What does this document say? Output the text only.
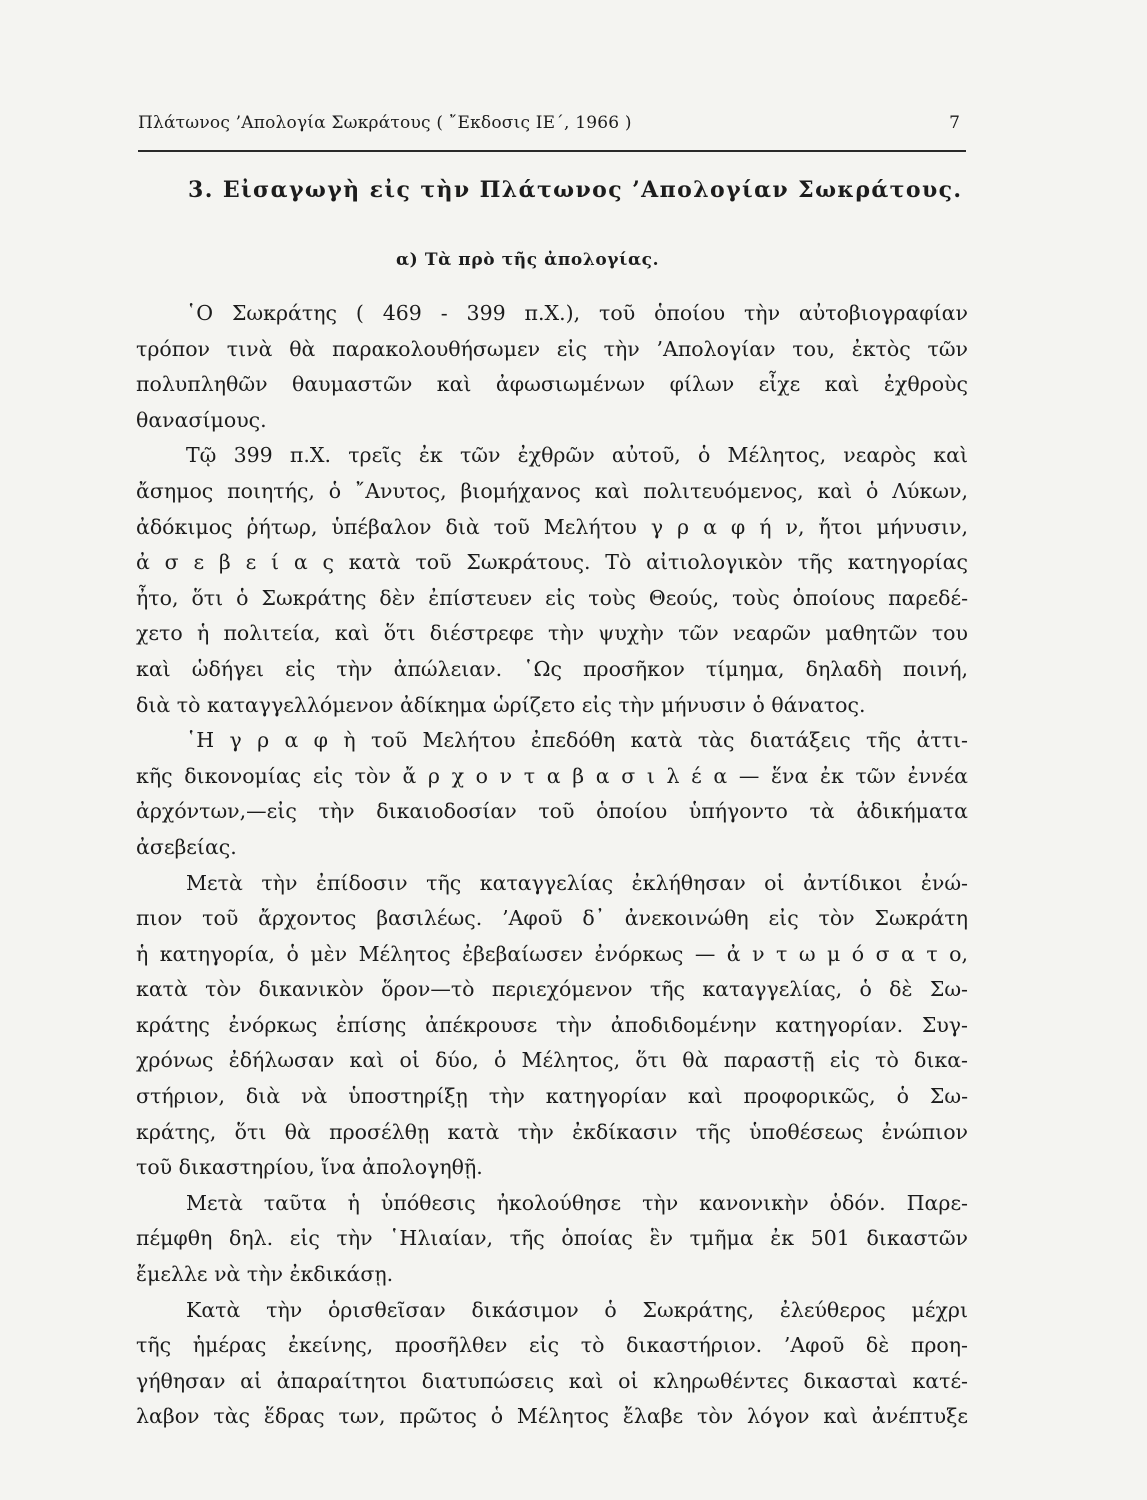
Πλάτωνος ’Απολογία Σωκράτους ( ῎Εκδοσις ΙΕ΄, 1966 )	7
3. Εἰσαγωγὴ εἰς τὴν Πλάτωνος ’Απολογίαν Σωκράτους.
α) Τὰ πρὸ τῆς ἀπολογίας.
῾Ο Σωκράτης ( 469 - 399 π.Χ.), τοῦ ὁποίου τὴν αὐτοβιογραφίαν
τρόπον τινὰ θὰ παρακολουθήσωμεν εἰς τὴν ’Απολογίαν του, ἐκτὸς τῶν
πολυπληθῶν θαυμαστῶν καὶ ἀφωσιωμένων φίλων εἶχε καὶ ἐχθροὺς
θανασίμους.
Τῷ 399 π.Χ. τρεῖς ἐκ τῶν ἐχθρῶν αὐτοῦ, ὁ Μέλητος, νεαρὸς καὶ
ἄσημος ποιητής, ὁ ῎Ανυτος, βιομήχανος καὶ πολιτευόμενος, καὶ ὁ Λύκων,
ἀδόκιμος ῥήτωρ, ὑπέβαλον διὰ τοῦ Μελήτου γ ρ α φ ή ν, ἤτοι μήνυσιν,
ἀ σ ε β ε ί α ς κατὰ τοῦ Σωκράτους. Τὸ αἰτιολογικὸν τῆς κατηγορίας
ἦτο, ὅτι ὁ Σωκράτης δὲν ἐπίστευεν εἰς τοὺς Θεούς, τοὺς ὁποίους παρεδέ-
χετο ἡ πολιτεία, καὶ ὅτι διέστρεφε τὴν ψυχὴν τῶν νεαρῶν μαθητῶν του
καὶ ὡδήγει εἰς τὴν ἀπώλειαν. ῾Ως προσῆκον τίμημα, δηλαδὴ ποινή,
διὰ τὸ καταγγελλόμενον ἀδίκημα ὡρίζετο εἰς τὴν μήνυσιν ὁ θάνατος.
῾Η γ ρ α φ ὴ τοῦ Μελήτου ἐπεδόθη κατὰ τὰς διατάξεις τῆς ἀττι-
κῆς δικονομίας εἰς τὸν ἄ ρ χ ο ν τ α β α σ ι λ έ α — ἕνα ἐκ τῶν ἐννέα
ἀρχόντων,—εἰς τὴν δικαιοδοσίαν τοῦ ὁποίου ὑπήγοντο τὰ ἀδικήματα
ἀσεβείας.
Μετὰ τὴν ἐπίδοσιν τῆς καταγγελίας ἐκλήθησαν οἱ ἀντίδικοι ἐνώ-
πιον τοῦ ἄρχοντος βασιλέως. ’Αφοῦ δ᾽ ἀνεκοινώθη εἰς τὸν Σωκράτη
ἡ κατηγορία, ὁ μὲν Μέλητος ἐβεβαίωσεν ἐνόρκως — ἀ ν τ ω μ ό σ α τ ο,
κατὰ τὸν δικανικὸν ὅρον—τὸ περιεχόμενον τῆς καταγγελίας, ὁ δὲ Σω-
κράτης ἐνόρκως ἐπίσης ἀπέκρουσε τὴν ἀποδιδομένην κατηγορίαν. Συγ-
χρόνως ἐδήλωσαν καὶ οἱ δύο, ὁ Μέλητος, ὅτι θὰ παραστῇ εἰς τὸ δικα-
στήριον, διὰ νὰ ὑποστηρίξῃ τὴν κατηγορίαν καὶ προφορικῶς, ὁ Σω-
κράτης, ὅτι θὰ προσέλθῃ κατὰ τὴν ἐκδίκασιν τῆς ὑποθέσεως ἐνώπιον
τοῦ δικαστηρίου, ἵνα ἀπολογηθῇ.
Μετὰ ταῦτα ἡ ὑπόθεσις ἠκολούθησε τὴν κανονικὴν ὁδόν. Παρε-
πέμφθη δηλ. εἰς τὴν ῾Ηλιαίαν, τῆς ὁποίας ἓν τμῆμα ἐκ 501 δικαστῶν
ἔμελλε νὰ τὴν ἐκδικάσῃ.
Κατὰ τὴν ὁρισθεῖσαν δικάσιμον ὁ Σωκράτης, ἐλεύθερος μέχρι
τῆς ἡμέρας ἐκείνης, προσῆλθεν εἰς τὸ δικαστήριον. ’Αφοῦ δὲ προη-
γήθησαν αἱ ἀπαραίτητοι διατυπώσεις καὶ οἱ κληρωθέντες δικασταὶ κατέ-
λαβον τὰς ἕδρας των, πρῶτος ὁ Μέλητος ἔλαβε τὸν λόγον καὶ ἀνέπτυξε
